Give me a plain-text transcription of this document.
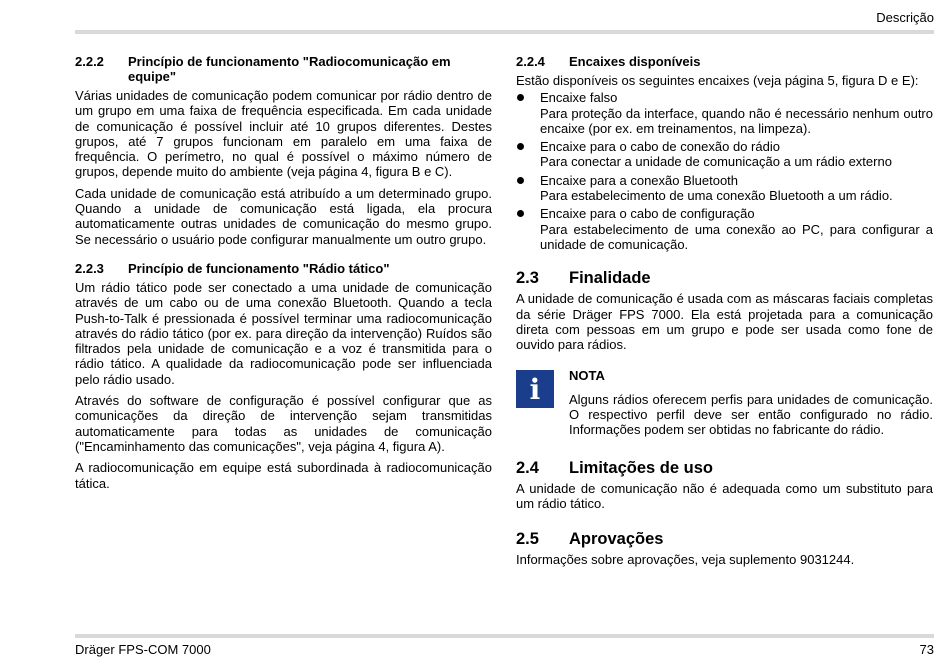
Descrição
2.2.2	Princípio de funcionamento "Radiocomunicação em equipe"

Várias unidades de comunicação podem comunicar por rádio dentro de um grupo em uma faixa de frequência especificada. Em cada unidade de comunicação é possível incluir até 10 grupos diferentes. Destes grupos, até 7 grupos funcionam em paralelo em uma faixa de frequência. O perímetro, no qual é possível o máximo número de grupos, depende muito do ambiente (veja página 4, figura B e C).

Cada unidade de comunicação está atribuído a um determinado grupo. Quando a unidade de comunicação está ligada, ela procura automaticamente outras unidades de comunicação do mesmo grupo. Se necessário o usuário pode configurar manualmente um outro grupo.

2.2.3	Princípio de funcionamento "Rádio tático"

Um rádio tático pode ser conectado a uma unidade de comunicação através de um cabo ou de uma conexão Bluetooth. Quando a tecla Push-to-Talk é pressionada é possível terminar uma radiocomunicação através do rádio tático (por ex. para direção da intervenção) Ruídos são filtrados pela unidade de comunicação e a voz é transmitida para o rádio tático. A qualidade da radiocomunicação pode ser influenciada pelo rádio usado.

Através do software de configuração é possível configurar que as comunicações da direção de intervenção sejam transmitidas automaticamente para todas as unidades de comunicação ("Encaminhamento das comunicações", veja página 4, figura A).

A radiocomunicação em equipe está subordinada à radiocomunicação tática.

2.2.4	Encaixes disponíveis

Estão disponíveis os seguintes encaixes (veja página 5, figura D e E):

Encaixe falso
Para proteção da interface, quando não é necessário nenhum outro encaixe (por ex. em treinamentos, na limpeza).
Encaixe para o cabo de conexão do rádio
Para conectar a unidade de comunicação a um rádio externo
Encaixe para a conexão Bluetooth
Para estabelecimento de uma conexão Bluetooth a um rádio.
Encaixe para o cabo de configuração
Para estabelecimento de uma conexão ao PC, para configurar a unidade de comunicação.
2.3	Finalidade

A unidade de comunicação é usada com as máscaras faciais completas da série Dräger FPS 7000. Ela está projetada para a comunicação direta com pessoas em um grupo e pode ser usada como fone de ouvido para rádios.

i	NOTA

Alguns rádios oferecem perfis para unidades de comunicação. O respectivo perfil deve ser então configurado no rádio. Informações podem ser obtidas no fabricante do rádio.

2.4	Limitações de uso

A unidade de comunicação não é adequada como um substituto para um rádio tático.

2.5	Aprovações

Informações sobre aprovações, veja suplemento 9031244.

Dräger FPS-COM 7000	73
